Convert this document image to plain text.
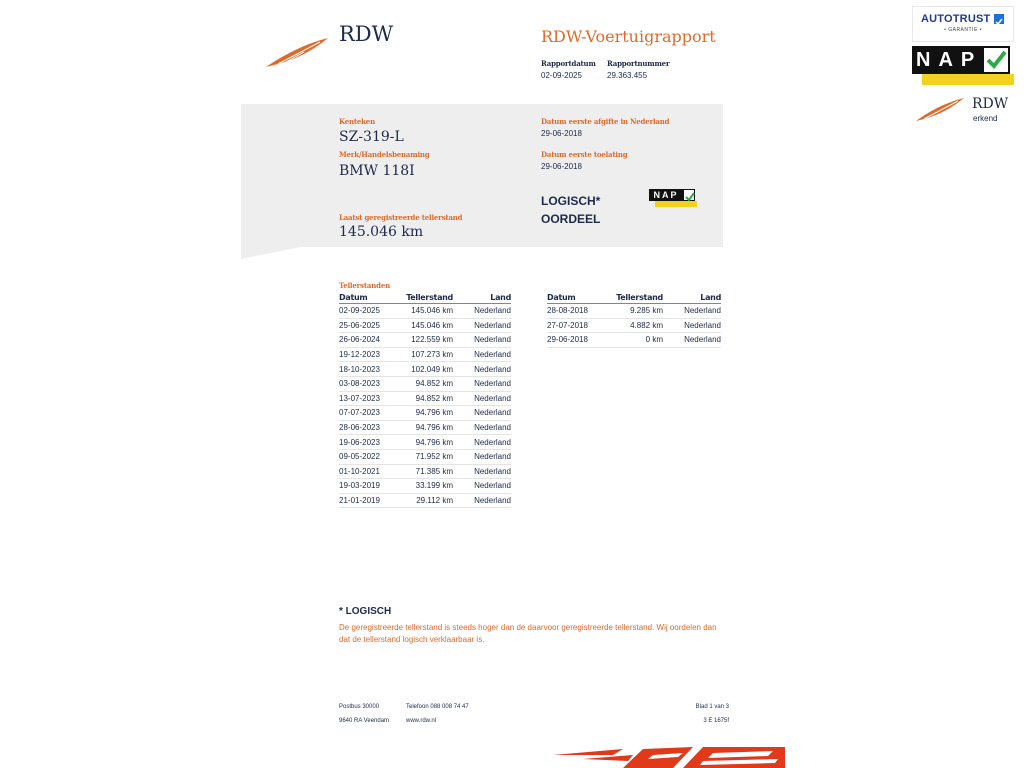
RDW	RDW-Voertuigrapport
Rapportdatum Rapportnummer
02-09-2025	29.363.455
Kenteken
SZ-319-L
Merk/Handelsbenaming
BMW 118I
Datum eerste afgifte in Nederland
29-06-2018
Datum eerste toelating
29-06-2018
LOGISCH*
OORDEEL
NAP
Laatst geregistreerde tellerstand
145.046 km
Tellerstanden
Datum	Tellerstand	Land
02-09-2025	145.046 km	Nederland
25-06-2025	145.046 km	Nederland
26-06-2024	122.559 km	Nederland
19-12-2023	107.273 km	Nederland
18-10-2023	102.049 km	Nederland
03-08-2023	94.852 km	Nederland
13-07-2023	94.852 km	Nederland
07-07-2023	94.796 km	Nederland
28-06-2023	94.796 km	Nederland
19-06-2023	94.796 km	Nederland
09-05-2022	71.952 km	Nederland
01-10-2021	71.385 km	Nederland
19-03-2019	33.199 km	Nederland
21-01-2019	29.112 km	Nederland
Datum	Tellerstand	Land
28-08-2018	9.285 km	Nederland
27-07-2018	4.882 km	Nederland
29-06-2018	0 km	Nederland
* LOGISCH
De geregistreerde tellerstand is steeds hoger dan de daarvoor geregistreerde tellerstand. Wij oordelen dan
dat de tellerstand logisch verklaarbaar is.
Postbus 30000
9640 RA Veendam
Telefoon 088 008 74 47
www.rdw.nl
Blad 1 van 3
3 E 1675f
AUTOTRUST
• GARANTIE •
NAP
RDW
erkend
